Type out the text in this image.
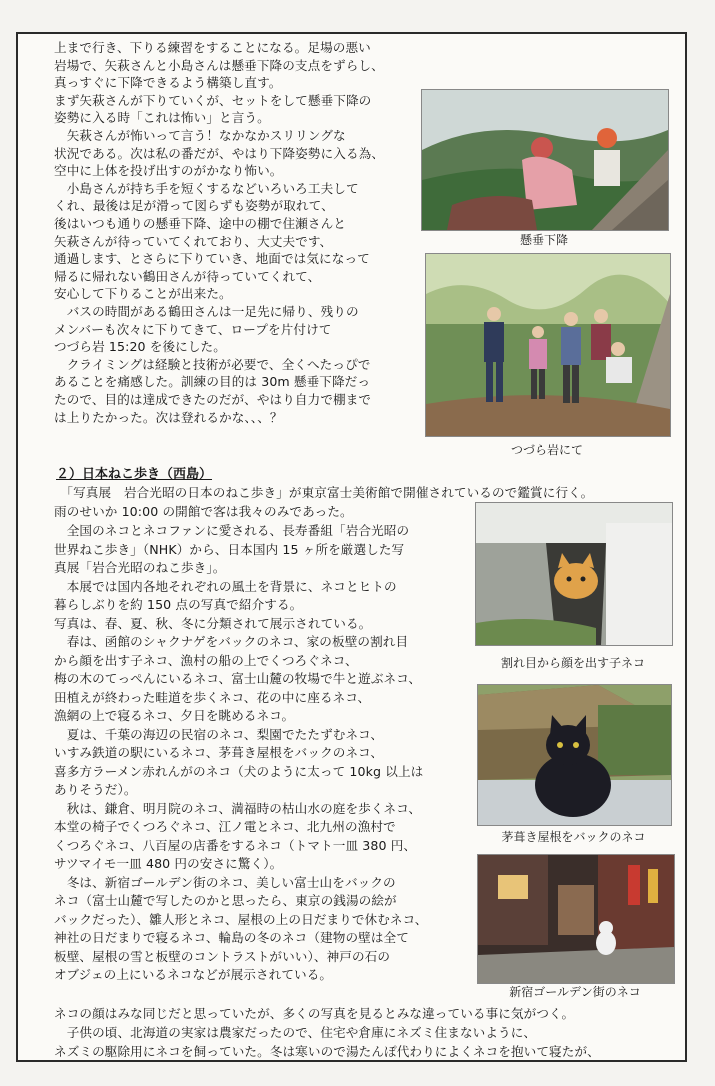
上まで行き、下りる練習をすることになる。足場の悪い
岩場で、矢萩さんと小島さんは懸垂下降の支点をずらし、
真っすぐに下降できるよう構築し直す。
まず矢萩さんが下りていくが、セットをして懸垂下降の
姿勢に入る時「これは怖い」と言う。
　矢萩さんが怖いって言う！なかなかスリリングな
状況である。次は私の番だが、やはり下降姿勢に入る為、
空中に上体を投げ出すのがかなり怖い。
　小島さんが持ち手を短くするなどいろいろ工夫して
くれ、最後は足が滑って図らずも姿勢が取れて、
後はいつも通りの懸垂下降、途中の棚で住瀬さんと
矢萩さんが待っていてくれており、大丈夫です、
通過します、とさらに下りていき、地面では気になって
帰るに帰れない鶴田さんが待っていてくれて、
安心して下りることが出来た。
　バスの時間がある鶴田さんは一足先に帰り、残りの
メンバーも次々に下りてきて、ロープを片付けて
つづら岩 15:20 を後にした。
　クライミングは経験と技術が必要で、全くへたっぴで
あることを痛感した。訓練の目的は 30m 懸垂下降だっ
たので、目的は達成できたのだが、やはり自力で棚まで
は上りたかった。次は登れるかな、、、？
２）日本ねこ歩き（西島）
　「写真展　岩合光昭の日本のねこ歩き」が東京富士美術館で開催されているので鑑賞に行く。
雨のせいか 10:00 の開館で客は我々のみであった。
　全国のネコとネコファンに愛される、長寿番組「岩合光昭の
世界ねこ歩き」（NHK）から、日本国内 15 ヶ所を厳選した写
真展「岩合光昭のねこ歩き」。
　本展では国内各地それぞれの風土を背景に、ネコとヒトの
暮らしぶりを約 150 点の写真で紹介する。
写真は、春、夏、秋、冬に分類されて展示されている。
　春は、函館のシャクナゲをバックのネコ、家の板壁の割れ目
から顔を出す子ネコ、漁村の船の上でくつろぐネコ、
梅の木のてっぺんにいるネコ、富士山麓の牧場で牛と遊ぶネコ、
田植えが終わった畦道を歩くネコ、花の中に座るネコ、
漁網の上で寝るネコ、夕日を眺めるネコ。
　夏は、千葉の海辺の民宿のネコ、梨園でたたずむネコ、
いすみ鉄道の駅にいるネコ、茅葺き屋根をバックのネコ、
喜多方ラーメン赤れんがのネコ（犬のように太って 10kg 以上は
ありそうだ）。
　秋は、鎌倉、明月院のネコ、満福時の枯山水の庭を歩くネコ、
本堂の椅子でくつろぐネコ、江ノ電とネコ、北九州の漁村で
くつろぐネコ、八百屋の店番をするネコ（トマト一皿 380 円、
サツマイモ一皿 480 円の安さに驚く）。
　冬は、新宿ゴールデン街のネコ、美しい富士山をバックの
ネコ（富士山麓で写したのかと思ったら、東京の銭湯の絵が
バックだった）、雛人形とネコ、屋根の上の日だまりで休むネコ、
神社の日だまりで寝るネコ、輪島の冬のネコ（建物の壁は全て
板壁、屋根の雪と板壁のコントラストがいい）、神戸の石の
オブジェの上にいるネコなどが展示されている。
ネコの顔はみな同じだと思っていたが、多くの写真を見るとみな違っている事に気がつく。
　子供の頃、北海道の実家は農家だったので、住宅や倉庫にネズミ住まないように、
ネズミの駆除用にネコを飼っていた。冬は寒いので湯たんぽ代わりによくネコを抱いて寝たが、
懸垂下降
つづら岩にて
割れ目から顔を出す子ネコ
茅葺き屋根をバックのネコ
新宿ゴールデン街のネコ
